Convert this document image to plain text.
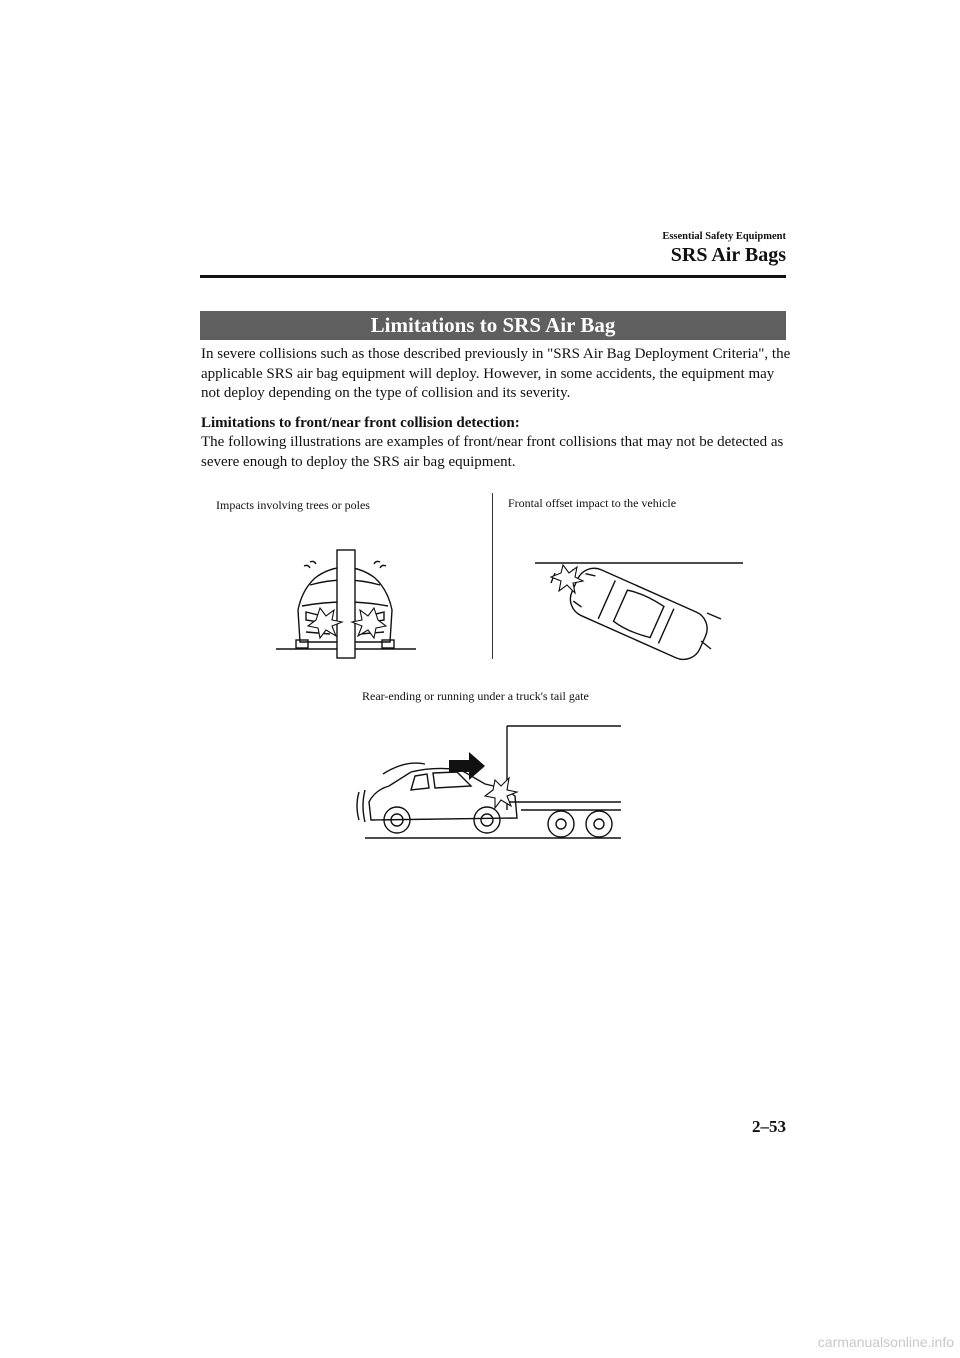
Essential Safety Equipment
SRS Air Bags
Limitations to SRS Air Bag
In severe collisions such as those described previously in "SRS Air Bag Deployment Criteria", the applicable SRS air bag equipment will deploy. However, in some accidents, the equipment may not deploy depending on the type of collision and its severity.
Limitations to front/near front collision detection:
The following illustrations are examples of front/near front collisions that may not be detected as severe enough to deploy the SRS air bag equipment.
Impacts involving trees or poles	Frontal offset impact to the vehicle
Rear-ending or running under a truck's tail gate
2–53
carmanualsonline.info
